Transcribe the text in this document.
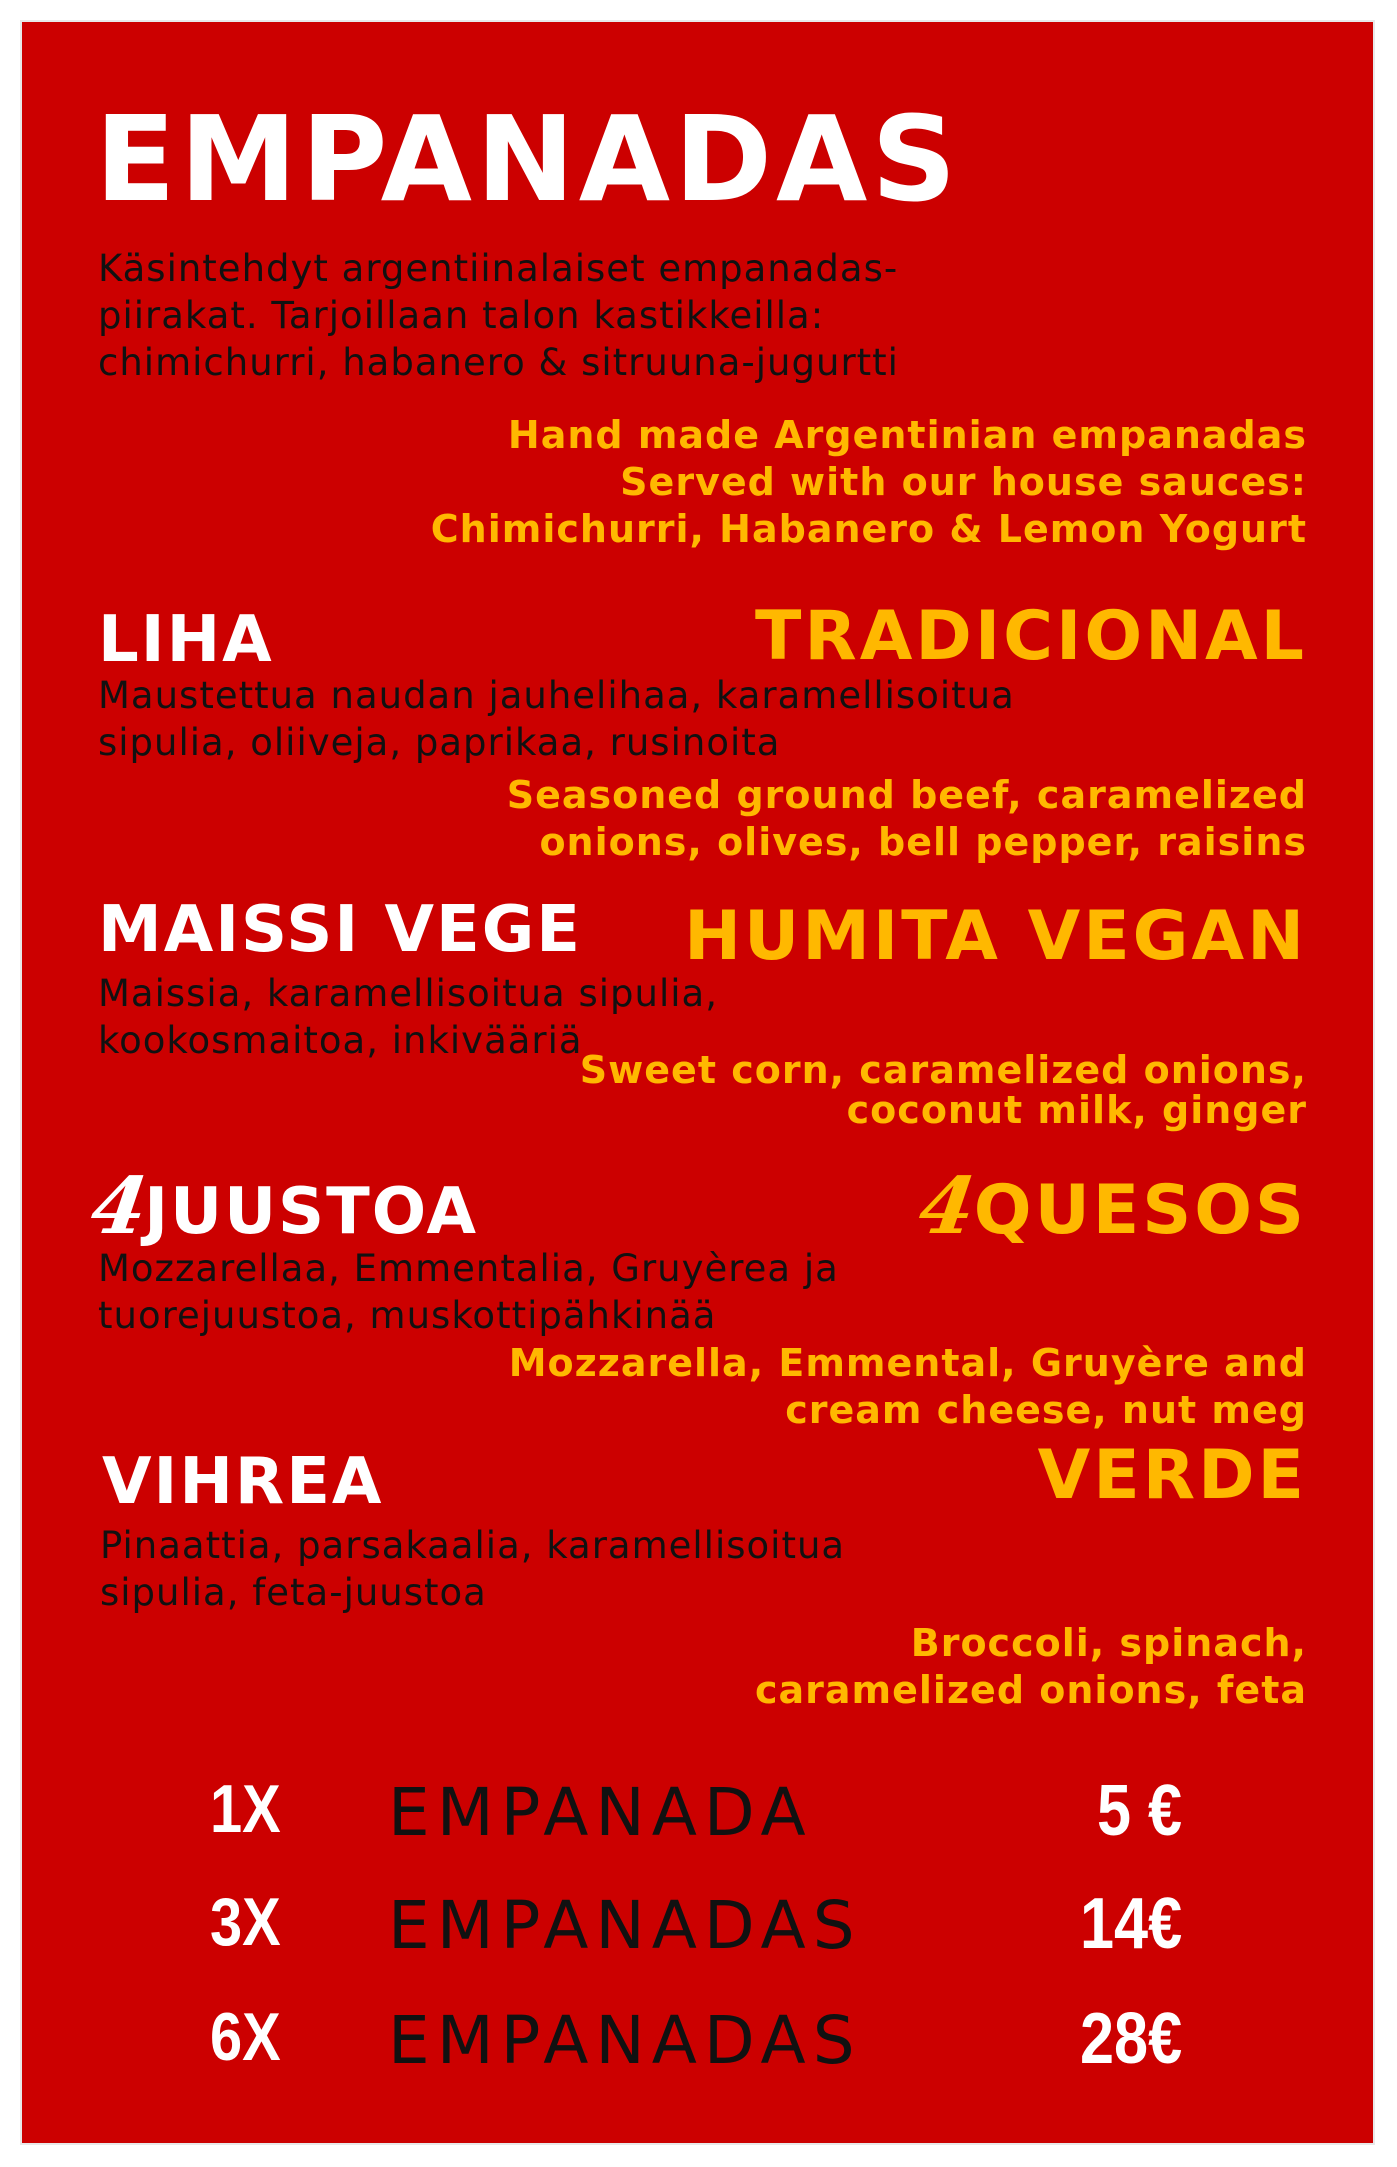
EMPANADAS
Käsintehdyt argentiinalaiset empanadas-
piirakat. Tarjoillaan talon kastikkeilla:
chimichurri, habanero & sitruuna-jugurtti
Hand made Argentinian empanadas
Served with our house sauces:
Chimichurri, Habanero & Lemon Yogurt
LIHA	TRADICIONAL
Maustettua naudan jauhelihaa, karamellisoitua
sipulia, oliiveja, paprikaa, rusinoita
Seasoned ground beef, caramelized
onions, olives, bell pepper, raisins
MAISSI VEGE HUMITA VEGAN
Maissia, karamellisoitua sipulia,
kookosmaitoa, inkivääriä
Sweet corn, caramelized onions,
coconut milk, ginger
4JUUSTOA	4QUESOS
Mozzarellaa, Emmentalia, Gruyèrea ja
tuorejuustoa, muskottipähkinää
Mozzarella, Emmental, Gruyère and
cream cheese, nut meg
VIHREA	VERDE
Pinaattia, parsakaalia, karamellisoitua
sipulia, feta-juustoa
Broccoli, spinach,
caramelized onions, feta
1X EMPANADA	5 €
3X EMPANADAS	14€
6X EMPANADAS	28€
